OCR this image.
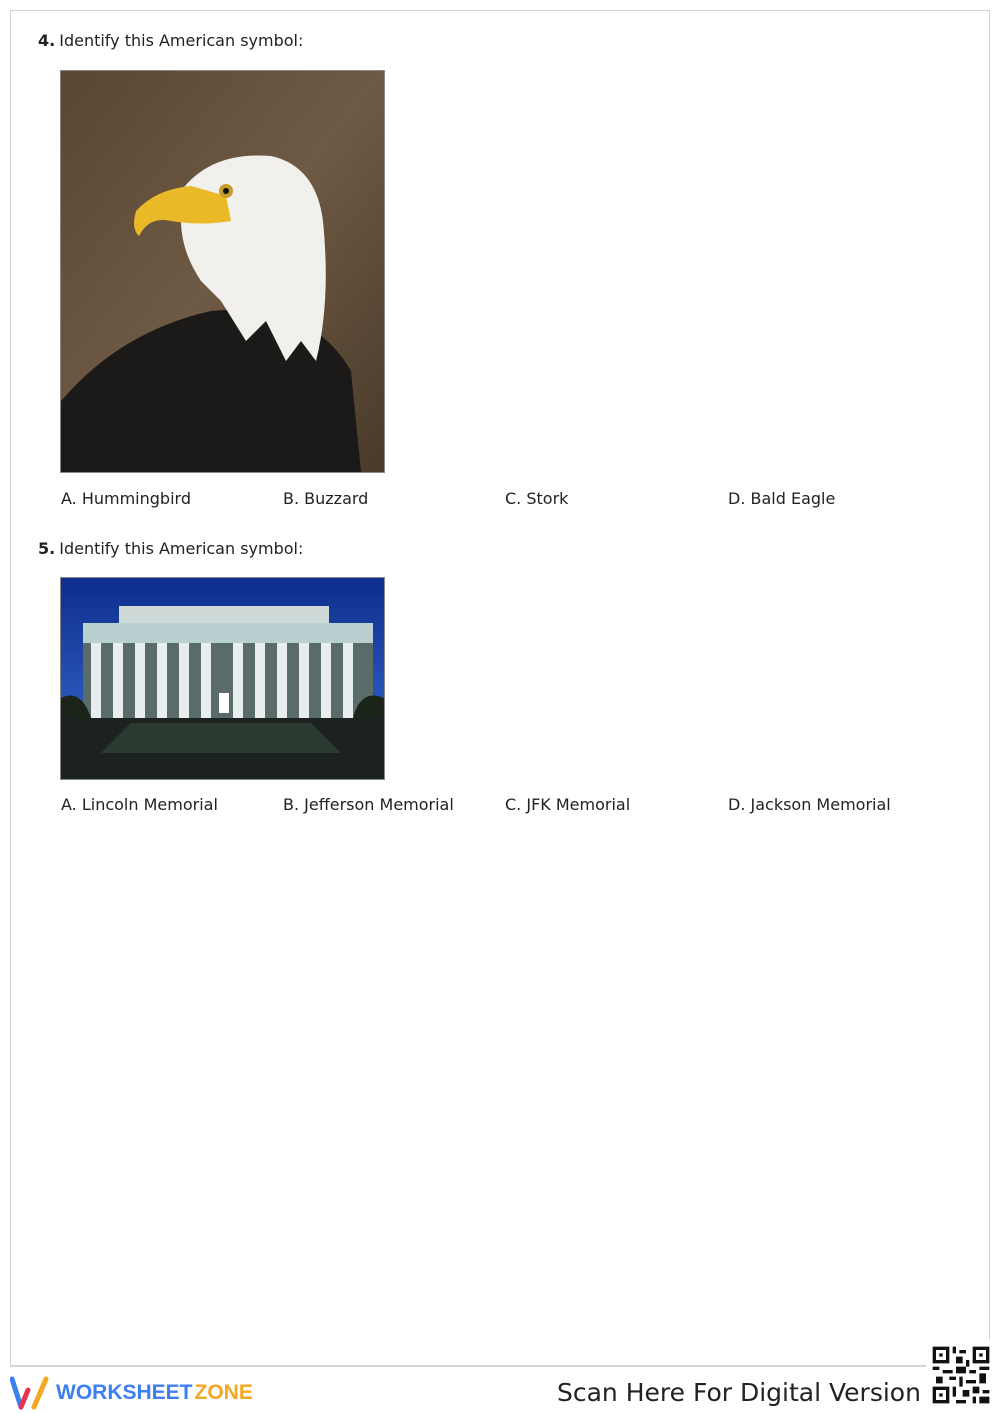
4. Identify this American symbol:
A. Hummingbird	B. Buzzard	C. Stork	D. Bald Eagle
5. Identify this American symbol:
A. Lincoln Memorial	B. Jefferson Memorial	C. JFK Memorial	D. Jackson Memorial
WORKSHEET ZONE	Scan Here For Digital Version
